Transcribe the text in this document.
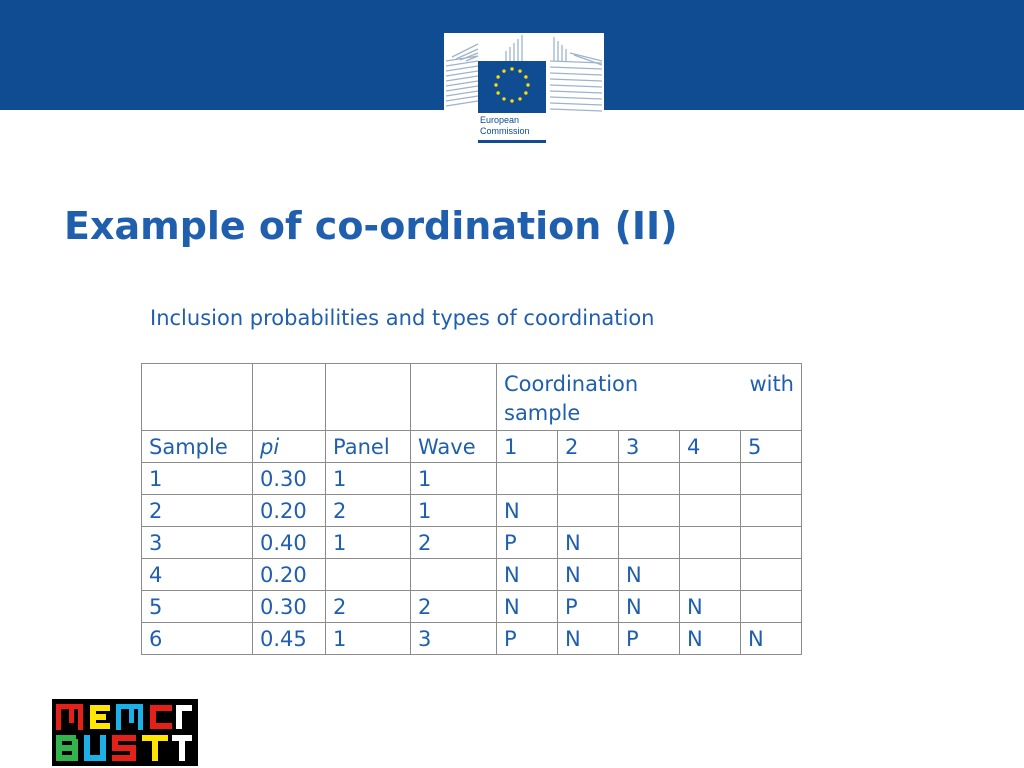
European
Commission
Example of co-ordination (II)
Inclusion probabilities and types of coordination

				Coordination with
sample				

Sample	pi	Panel	Wave	1	2	3	4	5
1	0.30	1	1					
2	0.20	2	1	N				
3	0.40	1	2	P	N			
4	0.20			N	N	N		
5	0.30	2	2	N	P	N	N	
6	0.45	1	3	P	N	P	N	N
